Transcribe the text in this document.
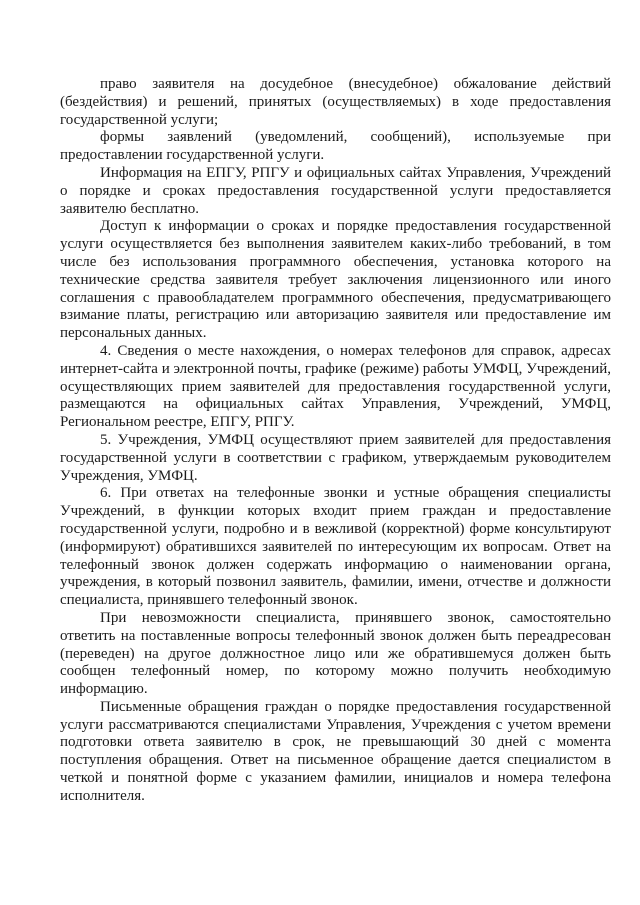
право заявителя на досудебное (внесудебное) обжалование действий (бездействия) и решений, принятых (осуществляемых) в ходе предоставления государственной услуги;

формы заявлений (уведомлений, сообщений), используемые при предоставлении государственной услуги.

Информация на ЕПГУ, РПГУ и официальных сайтах Управления, Учреждений о порядке и сроках предоставления государственной услуги предоставляется заявителю бесплатно.

Доступ к информации о сроках и порядке предоставления государственной услуги осуществляется без выполнения заявителем каких-либо требований, в том числе без использования программного обеспечения, установка которого на технические средства заявителя требует заключения лицензионного или иного соглашения с правообладателем программного обеспечения, предусматривающего взимание платы, регистрацию или авторизацию заявителя или предоставление им персональных данных.

4. Сведения о месте нахождения, о номерах телефонов для справок, адресах интернет-сайта и электронной почты, графике (режиме) работы УМФЦ, Учреждений, осуществляющих прием заявителей для предоставления государственной услуги, размещаются на официальных сайтах Управления, Учреждений, УМФЦ, Региональном реестре, ЕПГУ, РПГУ.

5. Учреждения, УМФЦ осуществляют прием заявителей для предоставления государственной услуги в соответствии с графиком, утверждаемым руководителем Учреждения, УМФЦ.

6. При ответах на телефонные звонки и устные обращения специалисты Учреждений, в функции которых входит прием граждан и предоставление государственной услуги, подробно и в вежливой (корректной) форме консультируют (информируют) обратившихся заявителей по интересующим их вопросам. Ответ на телефонный звонок должен содержать информацию о наименовании органа, учреждения, в который позвонил заявитель, фамилии, имени, отчестве и должности специалиста, принявшего телефонный звонок.

При невозможности специалиста, принявшего звонок, самостоятельно ответить на поставленные вопросы телефонный звонок должен быть переадресован (переведен) на другое должностное лицо или же обратившемуся должен быть сообщен телефонный номер, по которому можно получить необходимую информацию.

Письменные обращения граждан о порядке предоставления государственной услуги рассматриваются специалистами Управления, Учреждения с учетом времени подготовки ответа заявителю в срок, не превышающий 30 дней с момента поступления обращения. Ответ на письменное обращение дается специалистом в четкой и понятной форме с указанием фамилии, инициалов и номера телефона исполнителя.
